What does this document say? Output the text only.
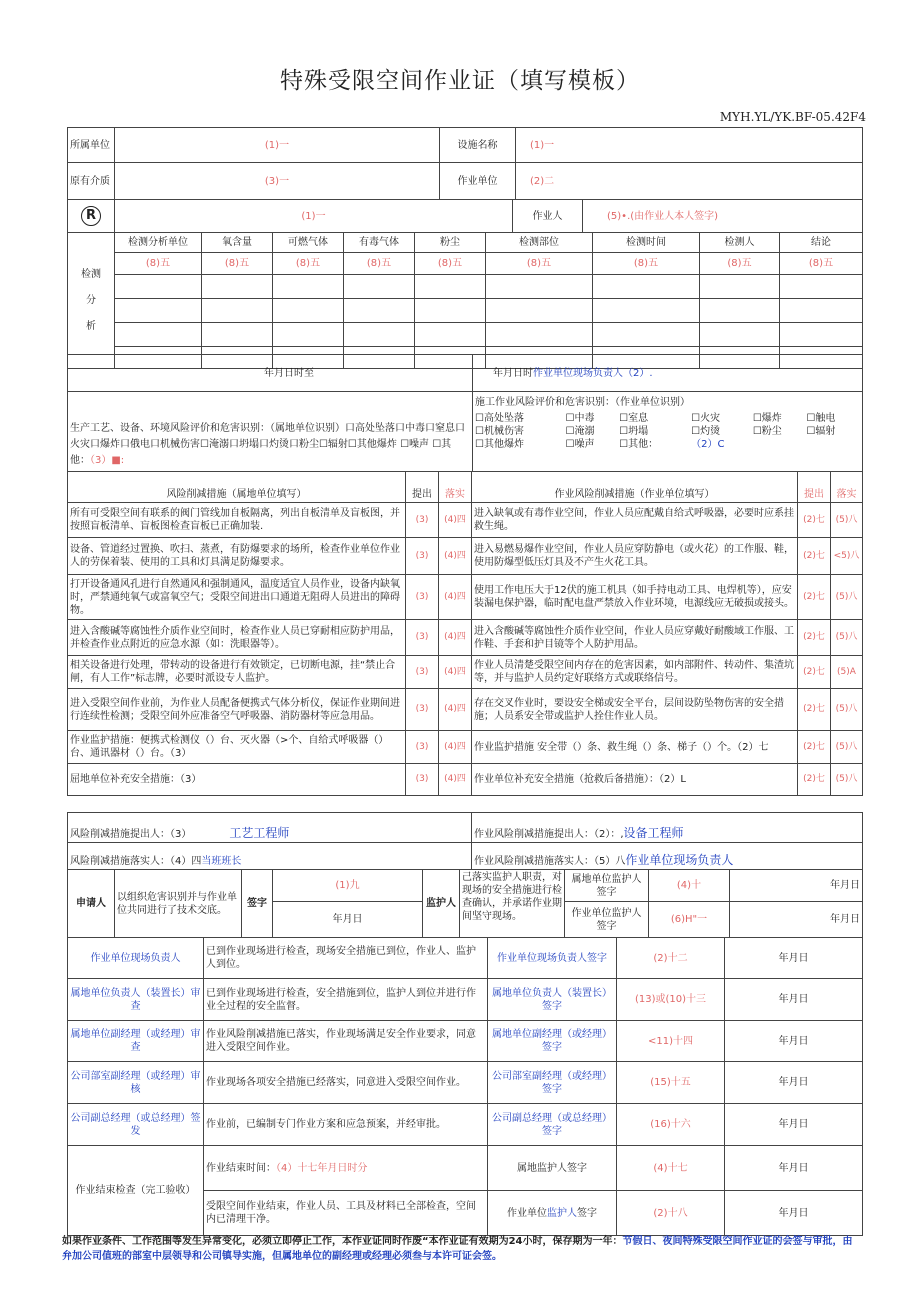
特殊受限空间作业证（填写模板）
MYH.YL/YK.BF-05.42F4
所属单位	(1)一	设施名称	(1)一
原有介质	(3)一	作业单位	(2)二
R	(1)一	作业人	(5)•.(由作业人本人签字)
检测
分
析	检测分析单位	氧含量	可燃气体	有毒气体	粉尘	检测部位	检测时间	检测人	结论
	(8)五	(8)五	(8)五	(8)五	(8)五	(8)五	(8)五	(8)五	(8)五

年月日时至	年月日时作业单位现场负责人（2）.
生产工艺、设备、环境风险评价和危害识别：（属地单位识别）口高处坠落口中毒口窒息口火灾口爆炸口俄电口机械伤害☐淹溺口坍塌口灼烫口粉尘☐辐射☐其他爆炸 ☐噪声 ☐其他：（3）■:	
施工作业风险评价和危害识别：（作业单位识别）
☐高处坠落	☐中毒	☐室息	☐火灾	☐爆炸	☐触电
☐机械伤害	☐淹溺	☐坍塌	☐灼烫	☐粉尘	☐辐射
☐其他爆炸	☐噪声	☐其他：	（2）C		
风险削减措施（属地单位填写）	提出	落实	作业风险削减措施（作业单位填写）	提出	落实
所有可受限空间有联系的阀门管线加自板隔离，列出自板清单及盲板图，并按照盲板清单、盲板图检查盲板已正确加装.	(3)	(4)四	进入缺氧或有毒作业空间，作业人员应配戴自给式呼吸器，必要时应系挂救生绳。	(2)七	(5)八
设备、管道经过置换、吹扫、蒸煮，有防爆要求的场所，检查作业单位作业人的劳保着装、使用的工具和灯具满足防爆要求。	(3)	(4)四	进入易燃易爆作业空间，作业人员应穿防静电（或火花）的工作服、鞋，使用防爆型低压灯具及不产生火花工具。	(2)七	<5)八
打开设备通风孔进行自然通风和强制通风，温度适宜人员作业，设备内缺氧时，严禁通纯氧气或富氧空气；受限空间进出口通道无阻碍人员进出的障碍物。	(3)	(4)四	使用工作电压大于12伏的施工机具（如手持电动工具、电焊机等），应安装漏电保护器，临时配电盘严禁放入作业环境，电源线应无破损或接头。	(2)七	(5)八
进入含酸碱等腐蚀性介质作业空间时，检查作业人员已穿耐相应防护用品，并检查作业点附近的应急水源（如：洗眼器等）。	(3)	(4)四	进入含酸碱等腐蚀性介质作业空间，作业人员应穿戴好耐酸域工作服、工作鞋、手套和护目镜等个人防护用品。	(2)七	(5)八
相关设备进行处理，带转动的设备进行有效锁定，已切断电源，挂“禁止合闸，有人工作”标志牌，必要时派设专人监护。	(3)	(4)四	作业人员清楚受限空间内存在的危害因素，如内部附件、转动件、集渣坑等，并与监护人员约定好联络方式或联络信号。	(2)七	(5)A
进入受限空间作业前，为作业人员配备便携式气体分析仪，保证作业期间进行连续性检测；受限空间外应准备空气呼吸器、消防器材等应急用品。	(3)	(4)四	存在交叉作业时，要设安全梯或安全平台，层间设防坠物伤害的安全措施；人员系安全带或监护人拴住作业人员。	(2)七	(5)八
作业监护措施：便携式检测仪（）台、灭火器（>个、自给式呼吸器（）台、通讯器材（）台。（3）	(3)	(4)四	作业监护措施 安全带（）条、救生绳（）条、梯子（）个。（2）七	(2)七	(5)八
屈地单位补充安全措施：（3）	(3)	(4)四	作业单位补充安全措施（抢救后备措施）：（2）L	(2)七	(5)八
风险削减措施提出人：（3） 工艺工程师	作业风险削减措施提出人：（2）：,设备工程师
风险削减措施落实人：（4）四当班班长	作业风险削减措施落实人：（5）八作业单位现场负责人
申请人	以组织危害识别并与作业单位共同进行了技术交底。	签字	(1)九	监护人	己落实监护人职责，对现场的安全措施进行检查确认，并承诺作业期间坚守现场。	属地单位监护人签字	(4)十	年月日
			年月日			作业单位监护人签字	(6)H"一	年月日
作业单位现场负责人	已到作业现场进行检查，现场安全措施已到位，作业人、监护人到位。	作业单位现场负责人签字	(2)十二	年月日
属地单位负责人（装置长）审查	已到作业现场进行检查，安全措施到位，监护人到位并进行作业全过程的安全监督。	属地单位负责人（装置长）签字	(13)或(10)十三	年月日
属地单位副经理（或经理）审查	作业风险削减措施已落实，作业现场满足安全作业要求，同意进入受限空间作业。	属地单位副经理（或经理）签字	<11)十四	年月日
公司部室副经理（或经理）审核	作业现场各项安全措施已经落实，同意进入受限空间作业。	公司部室副经理（或经理）签字	(15)十五	年月日
公司副总经理（或总经理）签发	作业前，已编制专门作业方案和应急预案，并经审批。	公司副总经理（或总经理）签字	(16)十六	年月日
作业结束检查（完工验收）	作业结束时间：（4）十七年月日时分	属地监护人签字	(4)十七	年月日
	受限空间作业结束，作业人员、工具及材料已全部检查，空间内已清理干净。	作业单位监护人签字	(2)十八	年月日
如果作业条件、工作范围等发生异常变化，必须立即停止工作，本作业证同时作废“本作业证有效期为24小时，保存期为一年：节假日、夜间特殊受限空间作业证的会签与审批，由弁加公司值班的部室中层领导和公司镇导实施，但属地单位的副经理或经理必须叁与本许可证会签。
